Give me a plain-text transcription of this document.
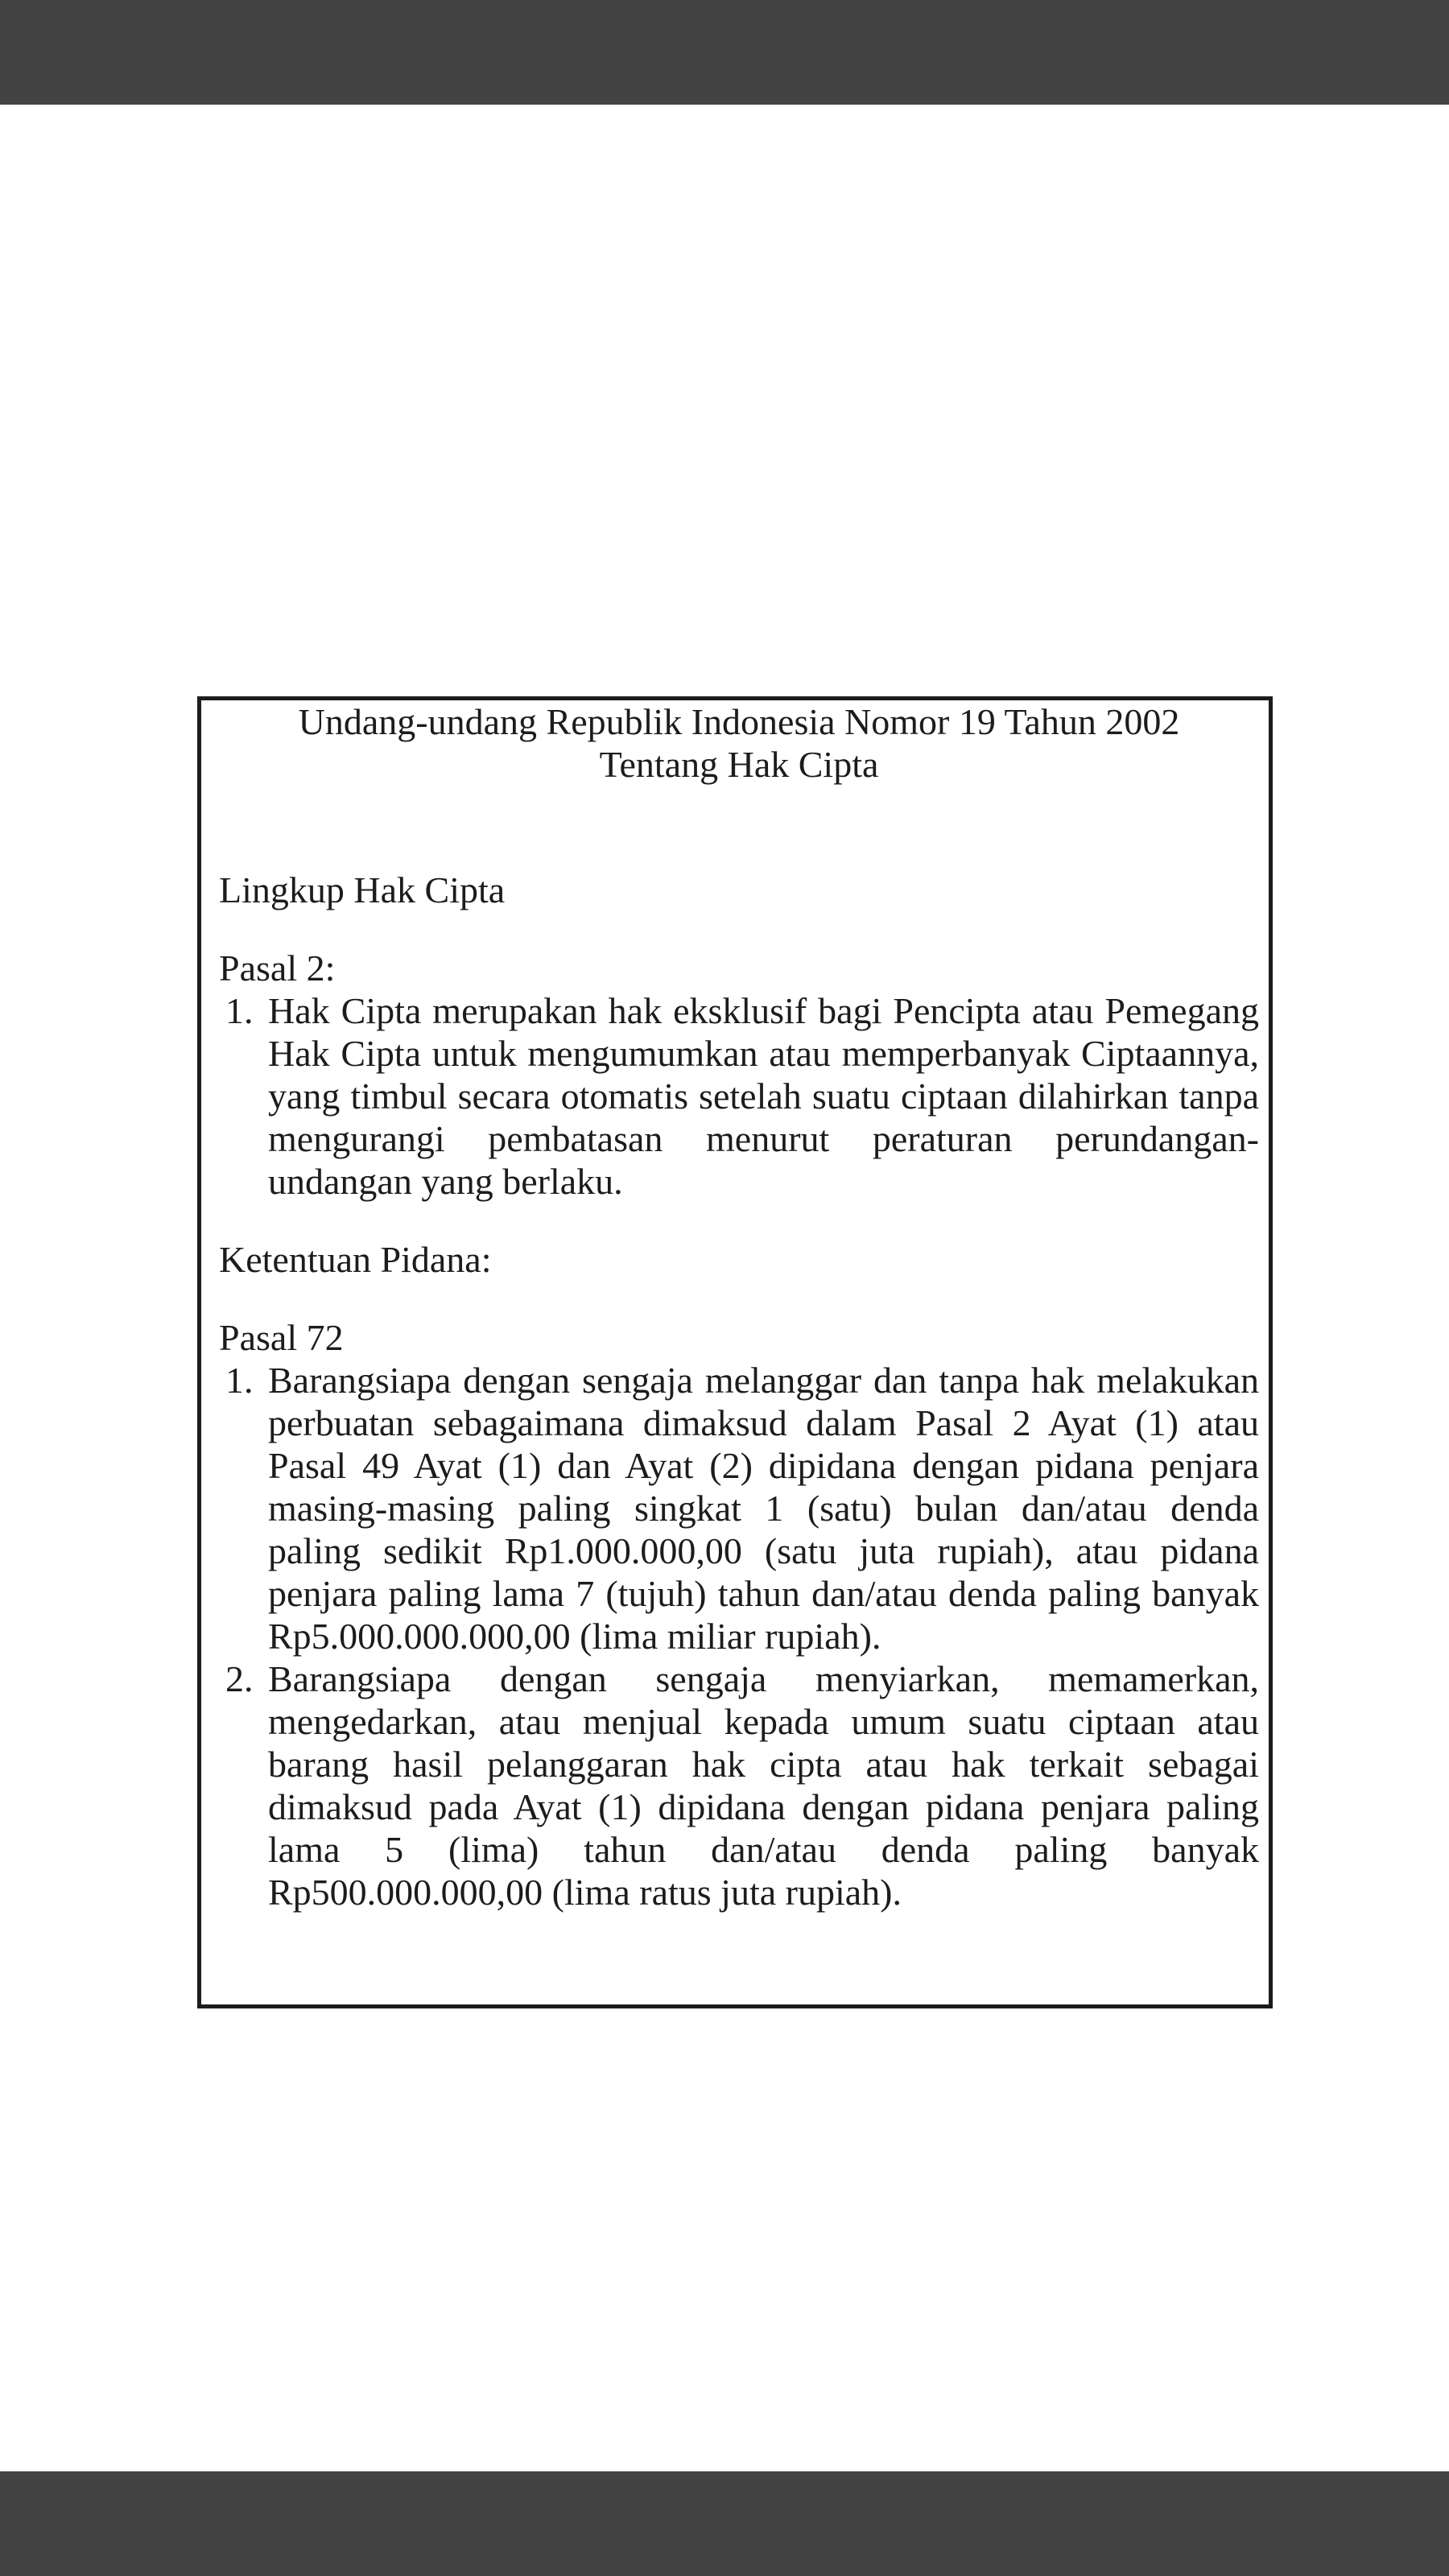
Undang-undang Republik Indonesia Nomor 19 Tahun 2002
Tentang Hak Cipta

Lingkup Hak Cipta

Pasal 2:

1. Hak Cipta merupakan hak eksklusif bagi Pencipta atau Pemegang Hak Cipta untuk mengumumkan atau memperbanyak Ciptaannya, yang timbul secara otomatis setelah suatu ciptaan dilahirkan tanpa mengurangi pembatasan menurut peraturan perundangan-undangan yang berlaku.

Ketentuan Pidana:

Pasal 72

1. Barangsiapa dengan sengaja melanggar dan tanpa hak melakukan perbuatan sebagaimana dimaksud dalam Pasal 2 Ayat (1) atau Pasal 49 Ayat (1) dan Ayat (2) dipidana dengan pidana penjara masing-masing paling singkat 1 (satu) bulan dan/atau denda paling sedikit Rp1.000.000,00 (satu juta rupiah), atau pidana penjara paling lama 7 (tujuh) tahun dan/atau denda paling banyak Rp5.000.000.000,00 (lima miliar rupiah).
2. Barangsiapa dengan sengaja menyiarkan, memamerkan, mengedarkan, atau menjual kepada umum suatu ciptaan atau barang hasil pelanggaran hak cipta atau hak terkait sebagai dimaksud pada Ayat (1) dipidana dengan pidana penjara paling lama 5 (lima) tahun dan/atau denda paling banyak Rp500.000.000,00 (lima ratus juta rupiah).
